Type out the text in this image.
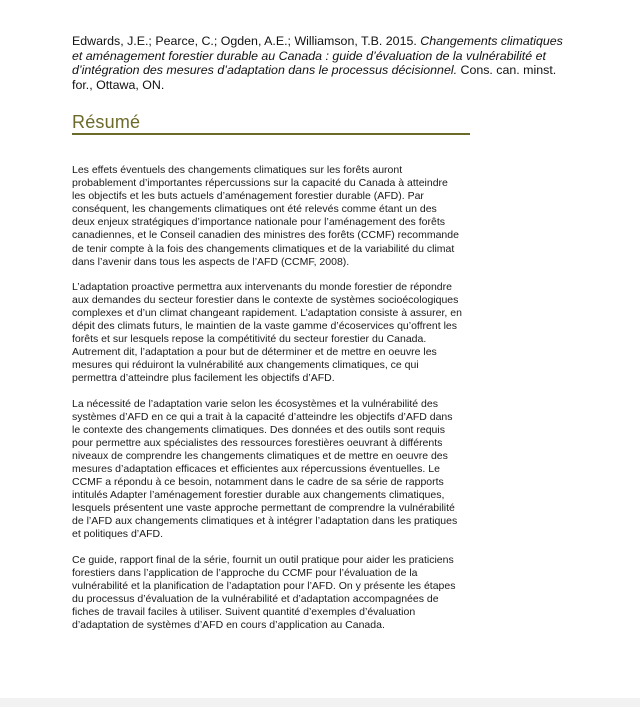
Edwards, J.E.; Pearce, C.; Ogden, A.E.; Williamson, T.B. 2015. Changements climatiques et aménagement forestier durable au Canada : guide d’évaluation de la vulnérabilité et d’intégration des mesures d’adaptation dans le processus décisionnel. Cons. can. minst. for., Ottawa, ON.
Résumé

Les effets éventuels des changements climatiques sur les forêts auront probablement d’importantes répercussions sur la capacité du Canada à atteindre les objectifs et les buts actuels d’aménagement forestier durable (AFD). Par conséquent, les changements climatiques ont été relevés comme étant un des deux enjeux stratégiques d’importance nationale pour l’aménagement des forêts canadiennes, et le Conseil canadien des ministres des forêts (CCMF) recommande de tenir compte à la fois des changements climatiques et de la variabilité du climat dans l’avenir dans tous les aspects de l’AFD (CCMF, 2008).

L’adaptation proactive permettra aux intervenants du monde forestier de répondre aux demandes du secteur forestier dans le contexte de systèmes socioécologiques complexes et d’un climat changeant rapidement. L’adaptation consiste à assurer, en dépit des climats futurs, le maintien de la vaste gamme d’écoservices qu’offrent les forêts et sur lesquels repose la compétitivité du secteur forestier du Canada. Autrement dit, l’adaptation a pour but de déterminer et de mettre en oeuvre les mesures qui réduiront la vulnérabilité aux changements climatiques, ce qui permettra d’atteindre plus facilement les objectifs d’AFD.

La nécessité de l’adaptation varie selon les écosystèmes et la vulnérabilité des systèmes d’AFD en ce qui a trait à la capacité d’atteindre les objectifs d’AFD dans le contexte des changements climatiques. Des données et des outils sont requis pour permettre aux spécialistes des ressources forestières oeuvrant à différents niveaux de comprendre les changements climatiques et de mettre en oeuvre des mesures d’adaptation efficaces et efficientes aux répercussions éventuelles. Le CCMF a répondu à ce besoin, notamment dans le cadre de sa série de rapports intitulés Adapter l’aménagement forestier durable aux changements climatiques, lesquels présentent une vaste approche permettant de comprendre la vulnérabilité de l’AFD aux changements climatiques et à intégrer l’adaptation dans les pratiques et politiques d’AFD.

Ce guide, rapport final de la série, fournit un outil pratique pour aider les praticiens forestiers dans l’application de l’approche du CCMF pour l’évaluation de la vulnérabilité et la planification de l’adaptation pour l’AFD. On y présente les étapes du processus d’évaluation de la vulnérabilité et d’adaptation accompagnées de fiches de travail faciles à utiliser. Suivent quantité d’exemples d’évaluation d’adaptation de systèmes d’AFD en cours d’application au Canada.
